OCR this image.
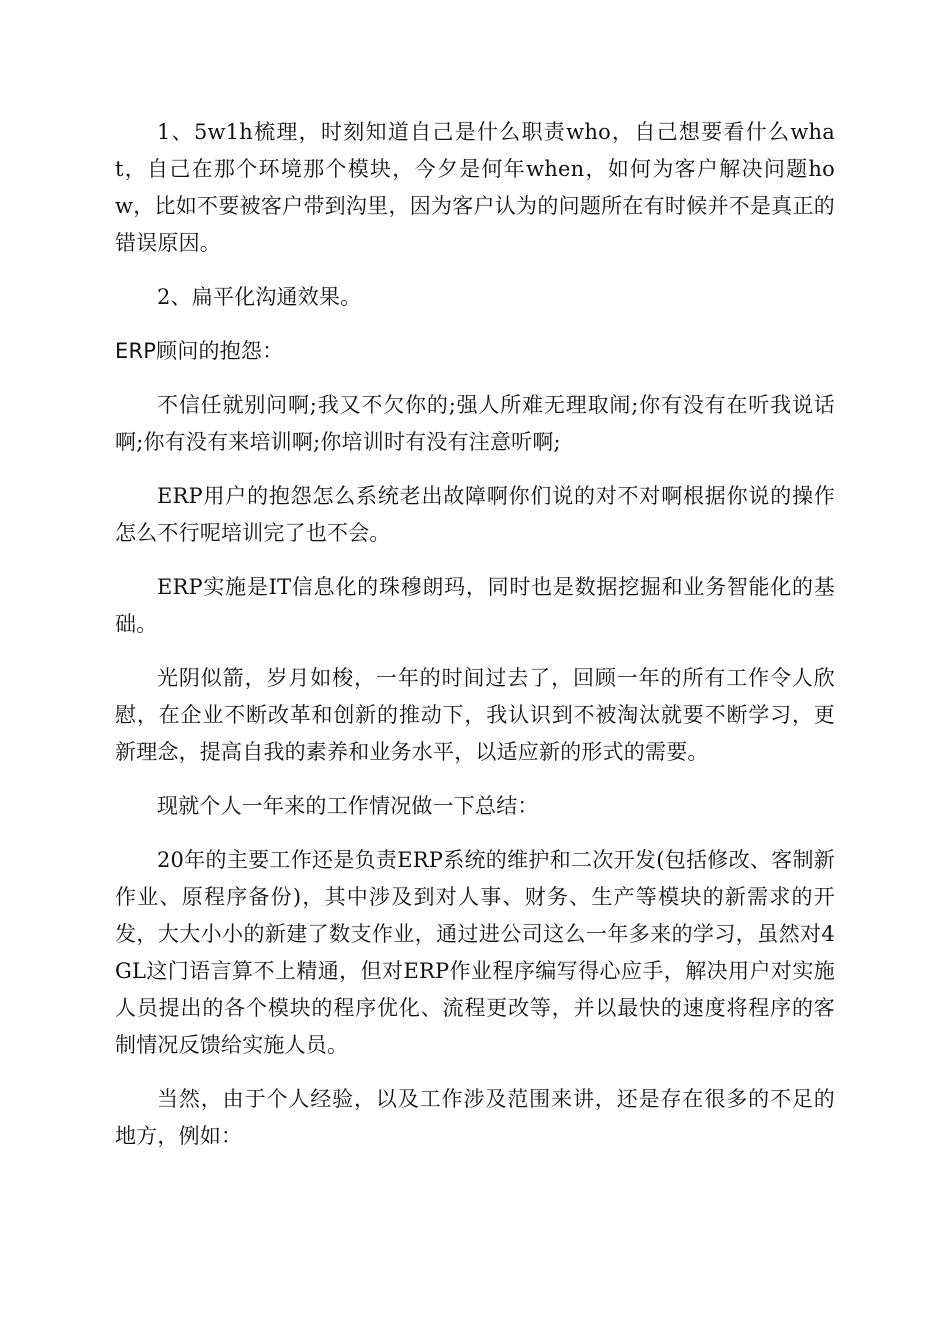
1、5w1h梳理，时刻知道自己是什么职责who，自己想要看什么what，自己在那个环境那个模块，今夕是何年when，如何为客户解决问题how，比如不要被客户带到沟里，因为客户认为的问题所在有时候并不是真正的错误原因。

2、扁平化沟通效果。

ERP顾问的抱怨：

不信任就别问啊;我又不欠你的;强人所难无理取闹;你有没有在听我说话啊;你有没有来培训啊;你培训时有没有注意听啊;

ERP用户的抱怨怎么系统老出故障啊你们说的对不对啊根据你说的操作怎么不行呢培训完了也不会。

ERP实施是IT信息化的珠穆朗玛，同时也是数据挖掘和业务智能化的基础。

光阴似箭，岁月如梭，一年的时间过去了，回顾一年的所有工作令人欣慰，在企业不断改革和创新的推动下，我认识到不被淘汰就要不断学习，更新理念，提高自我的素养和业务水平，以适应新的形式的需要。

现就个人一年来的工作情况做一下总结：

20年的主要工作还是负责ERP系统的维护和二次开发(包括修改、客制新作业、原程序备份)，其中涉及到对人事、财务、生产等模块的新需求的开发，大大小小的新建了数支作业，通过进公司这么一年多来的学习，虽然对4GL这门语言算不上精通，但对ERP作业程序编写得心应手，解决用户对实施人员提出的各个模块的程序优化、流程更改等，并以最快的速度将程序的客制情况反馈给实施人员。

当然，由于个人经验，以及工作涉及范围来讲，还是存在很多的不足的地方，例如：
